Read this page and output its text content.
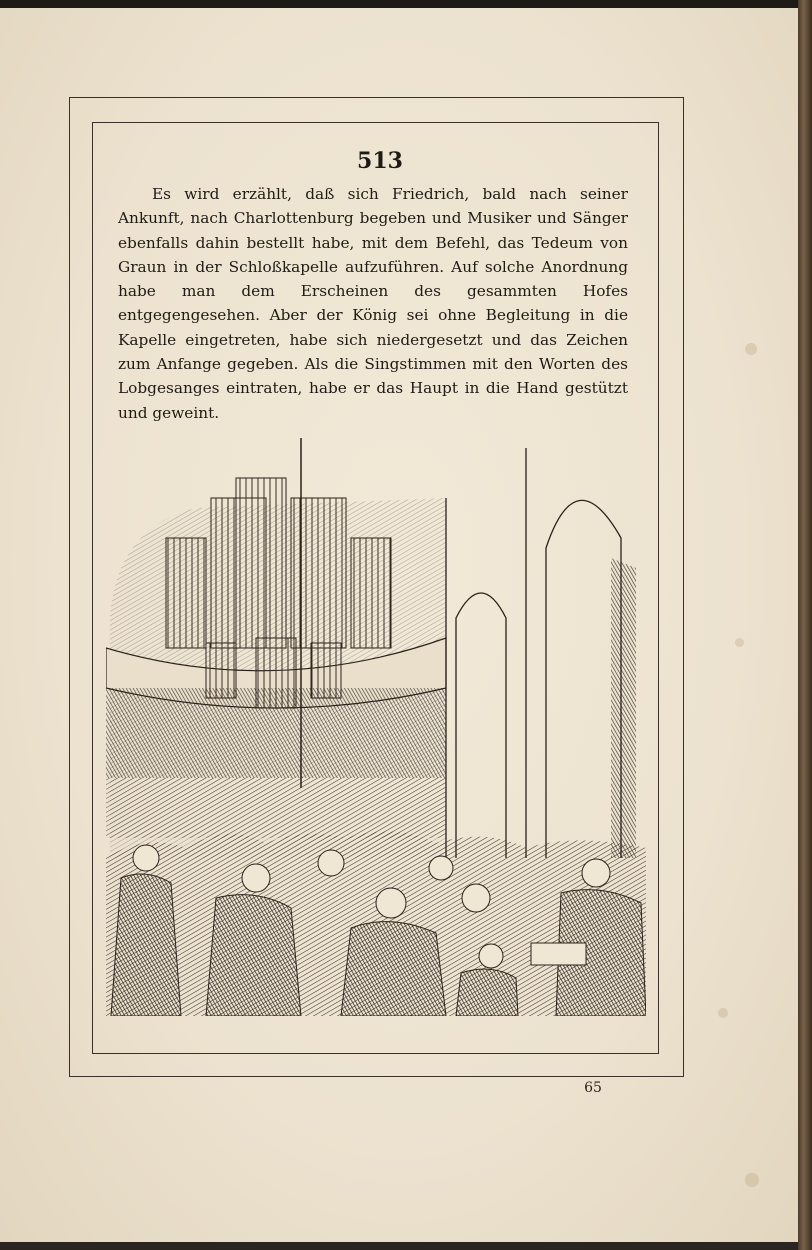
513

Es wird erzählt, daß sich Friedrich, bald nach seiner Ankunft, nach Charlottenburg begeben und Musiker und Sänger ebenfalls dahin bestellt habe, mit dem Befehl, das Tedeum von Graun in der Schloßkapelle aufzuführen. Auf solche Anordnung habe man dem Erscheinen des gesammten Hofes entgegengesehen. Aber der König sei ohne Begleitung in die Kapelle eingetreten, habe sich niedergesetzt und das Zeichen zum Anfange gegeben. Als die Singstimmen mit den Worten des Lobgesanges eintraten, habe er das Haupt in die Hand gestützt und geweint.

65
